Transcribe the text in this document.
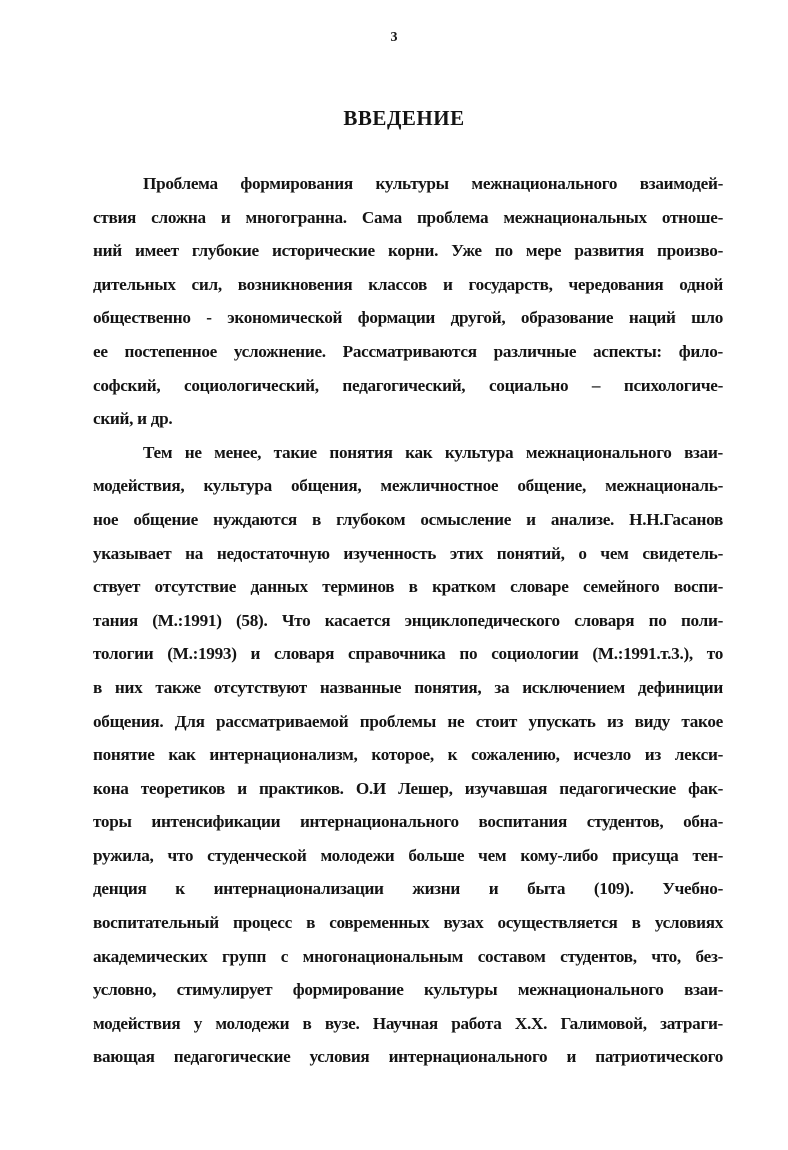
3
ВВЕДЕНИЕ
Проблема формирования культуры межнационального взаимодей-
ствия сложна и многогранна. Сама проблема межнациональных отноше-
ний имеет глубокие исторические корни. Уже по мере развития произво-
дительных сил, возникновения классов и государств, чередования одной
общественно - экономической формации другой, образование наций шло
ее постепенное усложнение. Рассматриваются различные аспекты: фило-
софский, социологический, педагогический, социально – психологиче-
ский, и др.
Тем не менее, такие понятия как культура межнационального взаи-
модействия, культура общения, межличностное общение, межнациональ-
ное общение нуждаются в глубоком осмысление и анализе. Н.Н.Гасанов
указывает на недостаточную изученность этих понятий, о чем свидетель-
ствует отсутствие данных терминов в кратком словаре семейного воспи-
тания (М.:1991) (58). Что касается энциклопедического словаря по поли-
тологии (М.:1993) и словаря справочника по социологии (М.:1991.т.3.), то
в них также отсутствуют названные понятия, за исключением дефиниции
общения. Для рассматриваемой проблемы не стоит упускать из виду такое
понятие как интернационализм, которое, к сожалению, исчезло из лекси-
кона теоретиков и практиков. О.И Лешер, изучавшая педагогические фак-
торы интенсификации интернационального воспитания студентов, обна-
ружила, что студенческой молодежи больше чем кому-либо присуща тен-
денция к интернационализации жизни и быта (109). Учебно-
воспитательный процесс в современных вузах осуществляется в условиях
академических групп с многонациональным составом студентов, что, без-
условно, стимулирует формирование культуры межнационального взаи-
модействия у молодежи в вузе. Научная работа Х.Х. Галимовой, затраги-
вающая педагогические условия интернационального и патриотического
